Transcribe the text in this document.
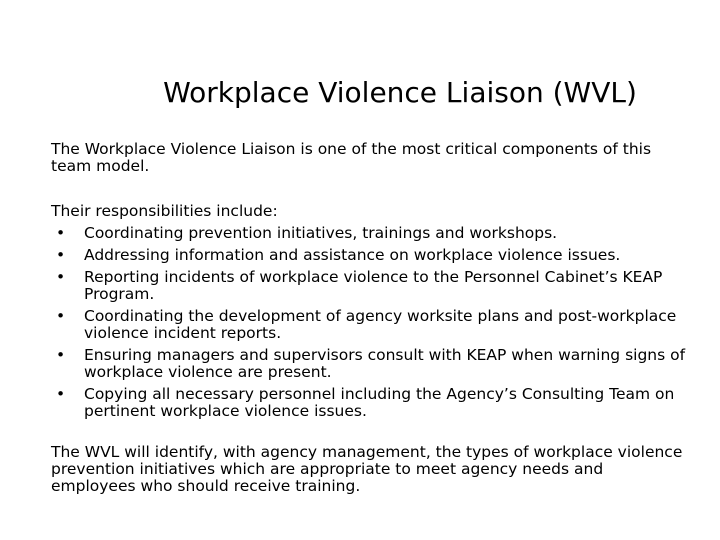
Workplace Violence Liaison (WVL)

The Workplace Violence Liaison is one of the most critical components of this team model.

Their responsibilities include:
• Coordinating prevention initiatives, trainings and workshops.
• Addressing information and assistance on workplace violence issues.
• Reporting incidents of workplace violence to the Personnel Cabinet’s KEAP Program.
• Coordinating the development of agency worksite plans and post-workplace violence incident reports.
• Ensuring managers and supervisors consult with KEAP when warning signs of workplace violence are present.
• Copying all necessary personnel including the Agency’s Consulting Team on pertinent workplace violence issues.

The WVL will identify, with agency management, the types of workplace violence prevention initiatives which are appropriate to meet agency needs and employees who should receive training.
